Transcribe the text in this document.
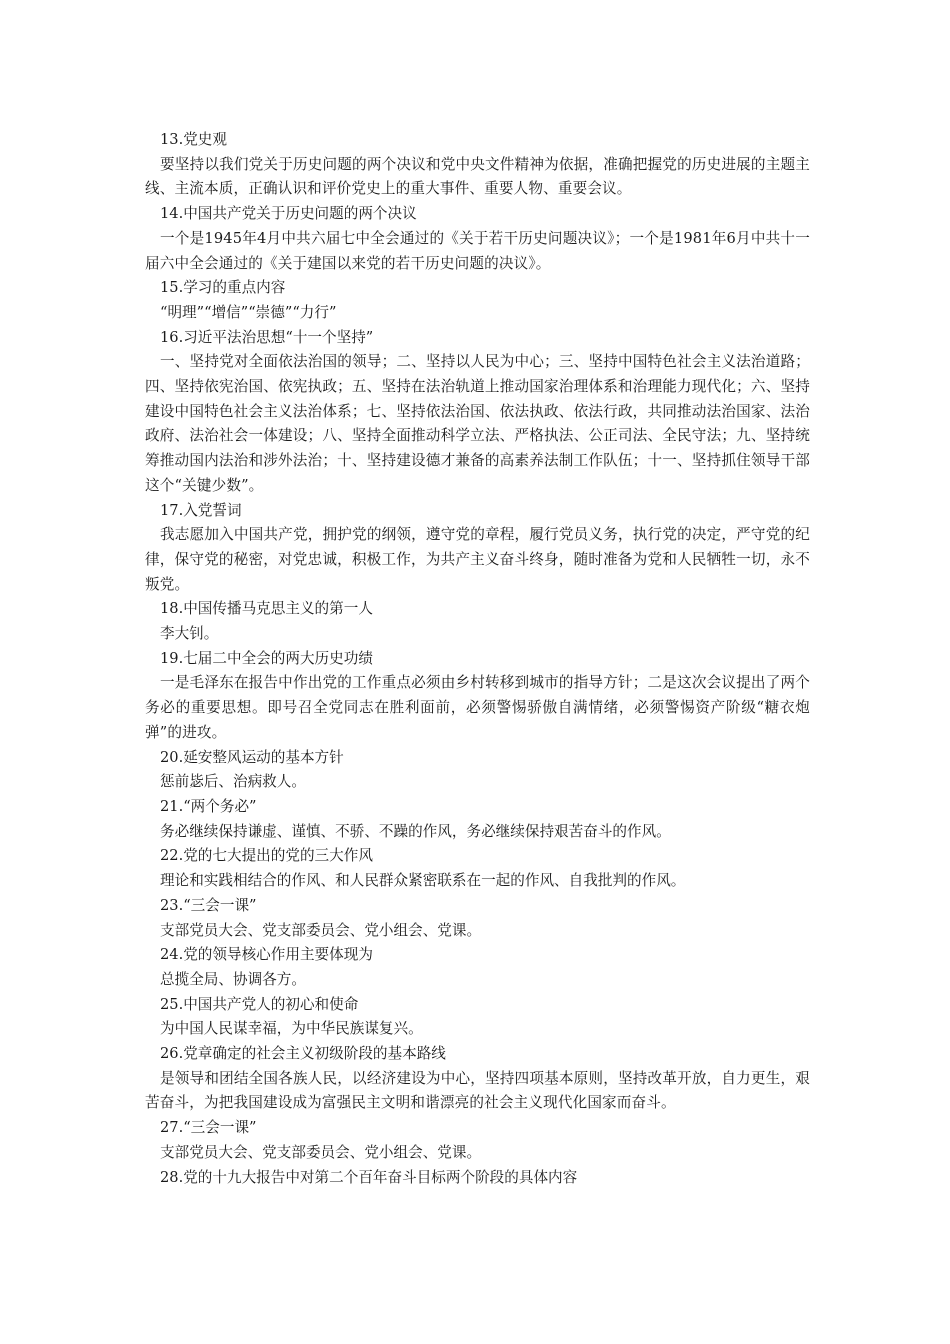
13.党史观

要坚持以我们党关于历史问题的两个决议和党中央文件精神为依据，准确把握党的历史进展的主题主线、主流本质，正确认识和评价党史上的重大事件、重要人物、重要会议。

14.中国共产党关于历史问题的两个决议

一个是1945年4月中共六届七中全会通过的《关于若干历史问题决议》；一个是1981年6月中共十一届六中全会通过的《关于建国以来党的若干历史问题的决议》。

15.学习的重点内容
“明理”“增信”“崇德”“力行”
16.习近平法治思想“十一个坚持”

一、坚持党对全面依法治国的领导；二、坚持以人民为中心；三、坚持中国特色社会主义法治道路；四、坚持依宪治国、依宪执政；五、坚持在法治轨道上推动国家治理体系和治理能力现代化；六、坚持建设中国特色社会主义法治体系；七、坚持依法治国、依法执政、依法行政，共同推动法治国家、法治政府、法治社会一体建设；八、坚持全面推动科学立法、严格执法、公正司法、全民守法；九、坚持统筹推动国内法治和涉外法治；十、坚持建设德才兼备的高素养法制工作队伍；十一、坚持抓住领导干部这个“关键少数”。

17.入党誓词

我志愿加入中国共产党，拥护党的纲领，遵守党的章程，履行党员义务，执行党的决定，严守党的纪律，保守党的秘密，对党忠诚，积极工作，为共产主义奋斗终身，随时准备为党和人民牺牲一切，永不叛党。

18.中国传播马克思主义的第一人
李大钊。
19.七届二中全会的两大历史功绩

一是毛泽东在报告中作出党的工作重点必须由乡村转移到城市的指导方针；二是这次会议提出了两个务必的重要思想。即号召全党同志在胜利面前，必须警惕骄傲自满情绪，必须警惕资产阶级“糖衣炮弹”的进攻。

20.延安整风运动的基本方针
惩前毖后、治病救人。
21.“两个务必”
务必继续保持谦虚、谨慎、不骄、不躁的作风，务必继续保持艰苦奋斗的作风。
22.党的七大提出的党的三大作风
理论和实践相结合的作风、和人民群众紧密联系在一起的作风、自我批判的作风。
23.“三会一课”
支部党员大会、党支部委员会、党小组会、党课。
24.党的领导核心作用主要体现为
总揽全局、协调各方。
25.中国共产党人的初心和使命
为中国人民谋幸福，为中华民族谋复兴。
26.党章确定的社会主义初级阶段的基本路线

是领导和团结全国各族人民，以经济建设为中心，坚持四项基本原则，坚持改革开放，自力更生，艰苦奋斗，为把我国建设成为富强民主文明和谐漂亮的社会主义现代化国家而奋斗。

27.“三会一课”
支部党员大会、党支部委员会、党小组会、党课。
28.党的十九大报告中对第二个百年奋斗目标两个阶段的具体内容
